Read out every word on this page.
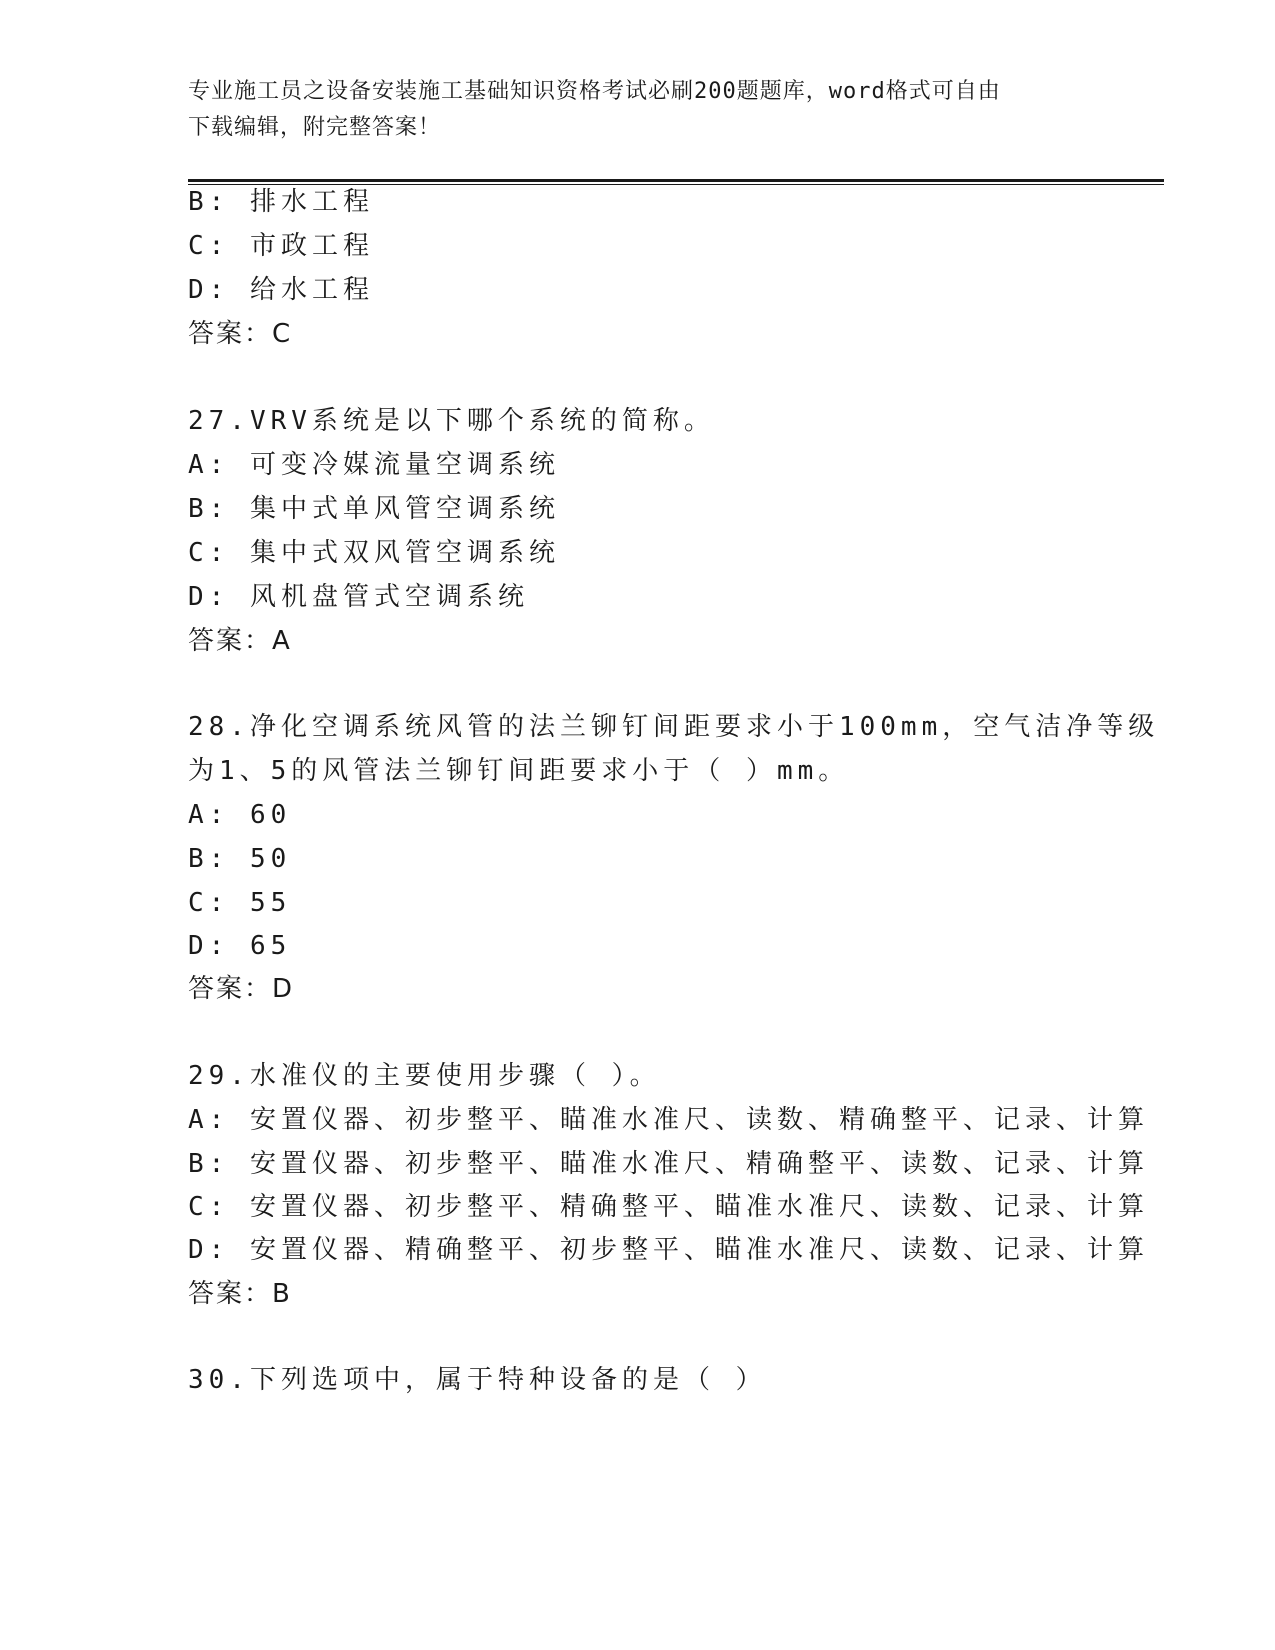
专业施工员之设备安装施工基础知识资格考试必刷200题题库，word格式可自由
下载编辑，附完整答案！
B: 排水工程
C: 市政工程
D: 给水工程
答案：C
27.VRV系统是以下哪个系统的简称。
A: 可变冷媒流量空调系统
B: 集中式单风管空调系统
C: 集中式双风管空调系统
D: 风机盘管式空调系统
答案：A
28.净化空调系统风管的法兰铆钉间距要求小于100mm，空气洁净等级
为1、5的风管法兰铆钉间距要求小于（ ）mm。
A: 60
B: 50
C: 55
D: 65
答案：D
29.水准仪的主要使用步骤（ ）。
A: 安置仪器、初步整平、瞄准水准尺、读数、精确整平、记录、计算
B: 安置仪器、初步整平、瞄准水准尺、精确整平、读数、记录、计算
C: 安置仪器、初步整平、精确整平、瞄准水准尺、读数、记录、计算
D: 安置仪器、精确整平、初步整平、瞄准水准尺、读数、记录、计算
答案：B
30.下列选项中，属于特种设备的是（ ）
